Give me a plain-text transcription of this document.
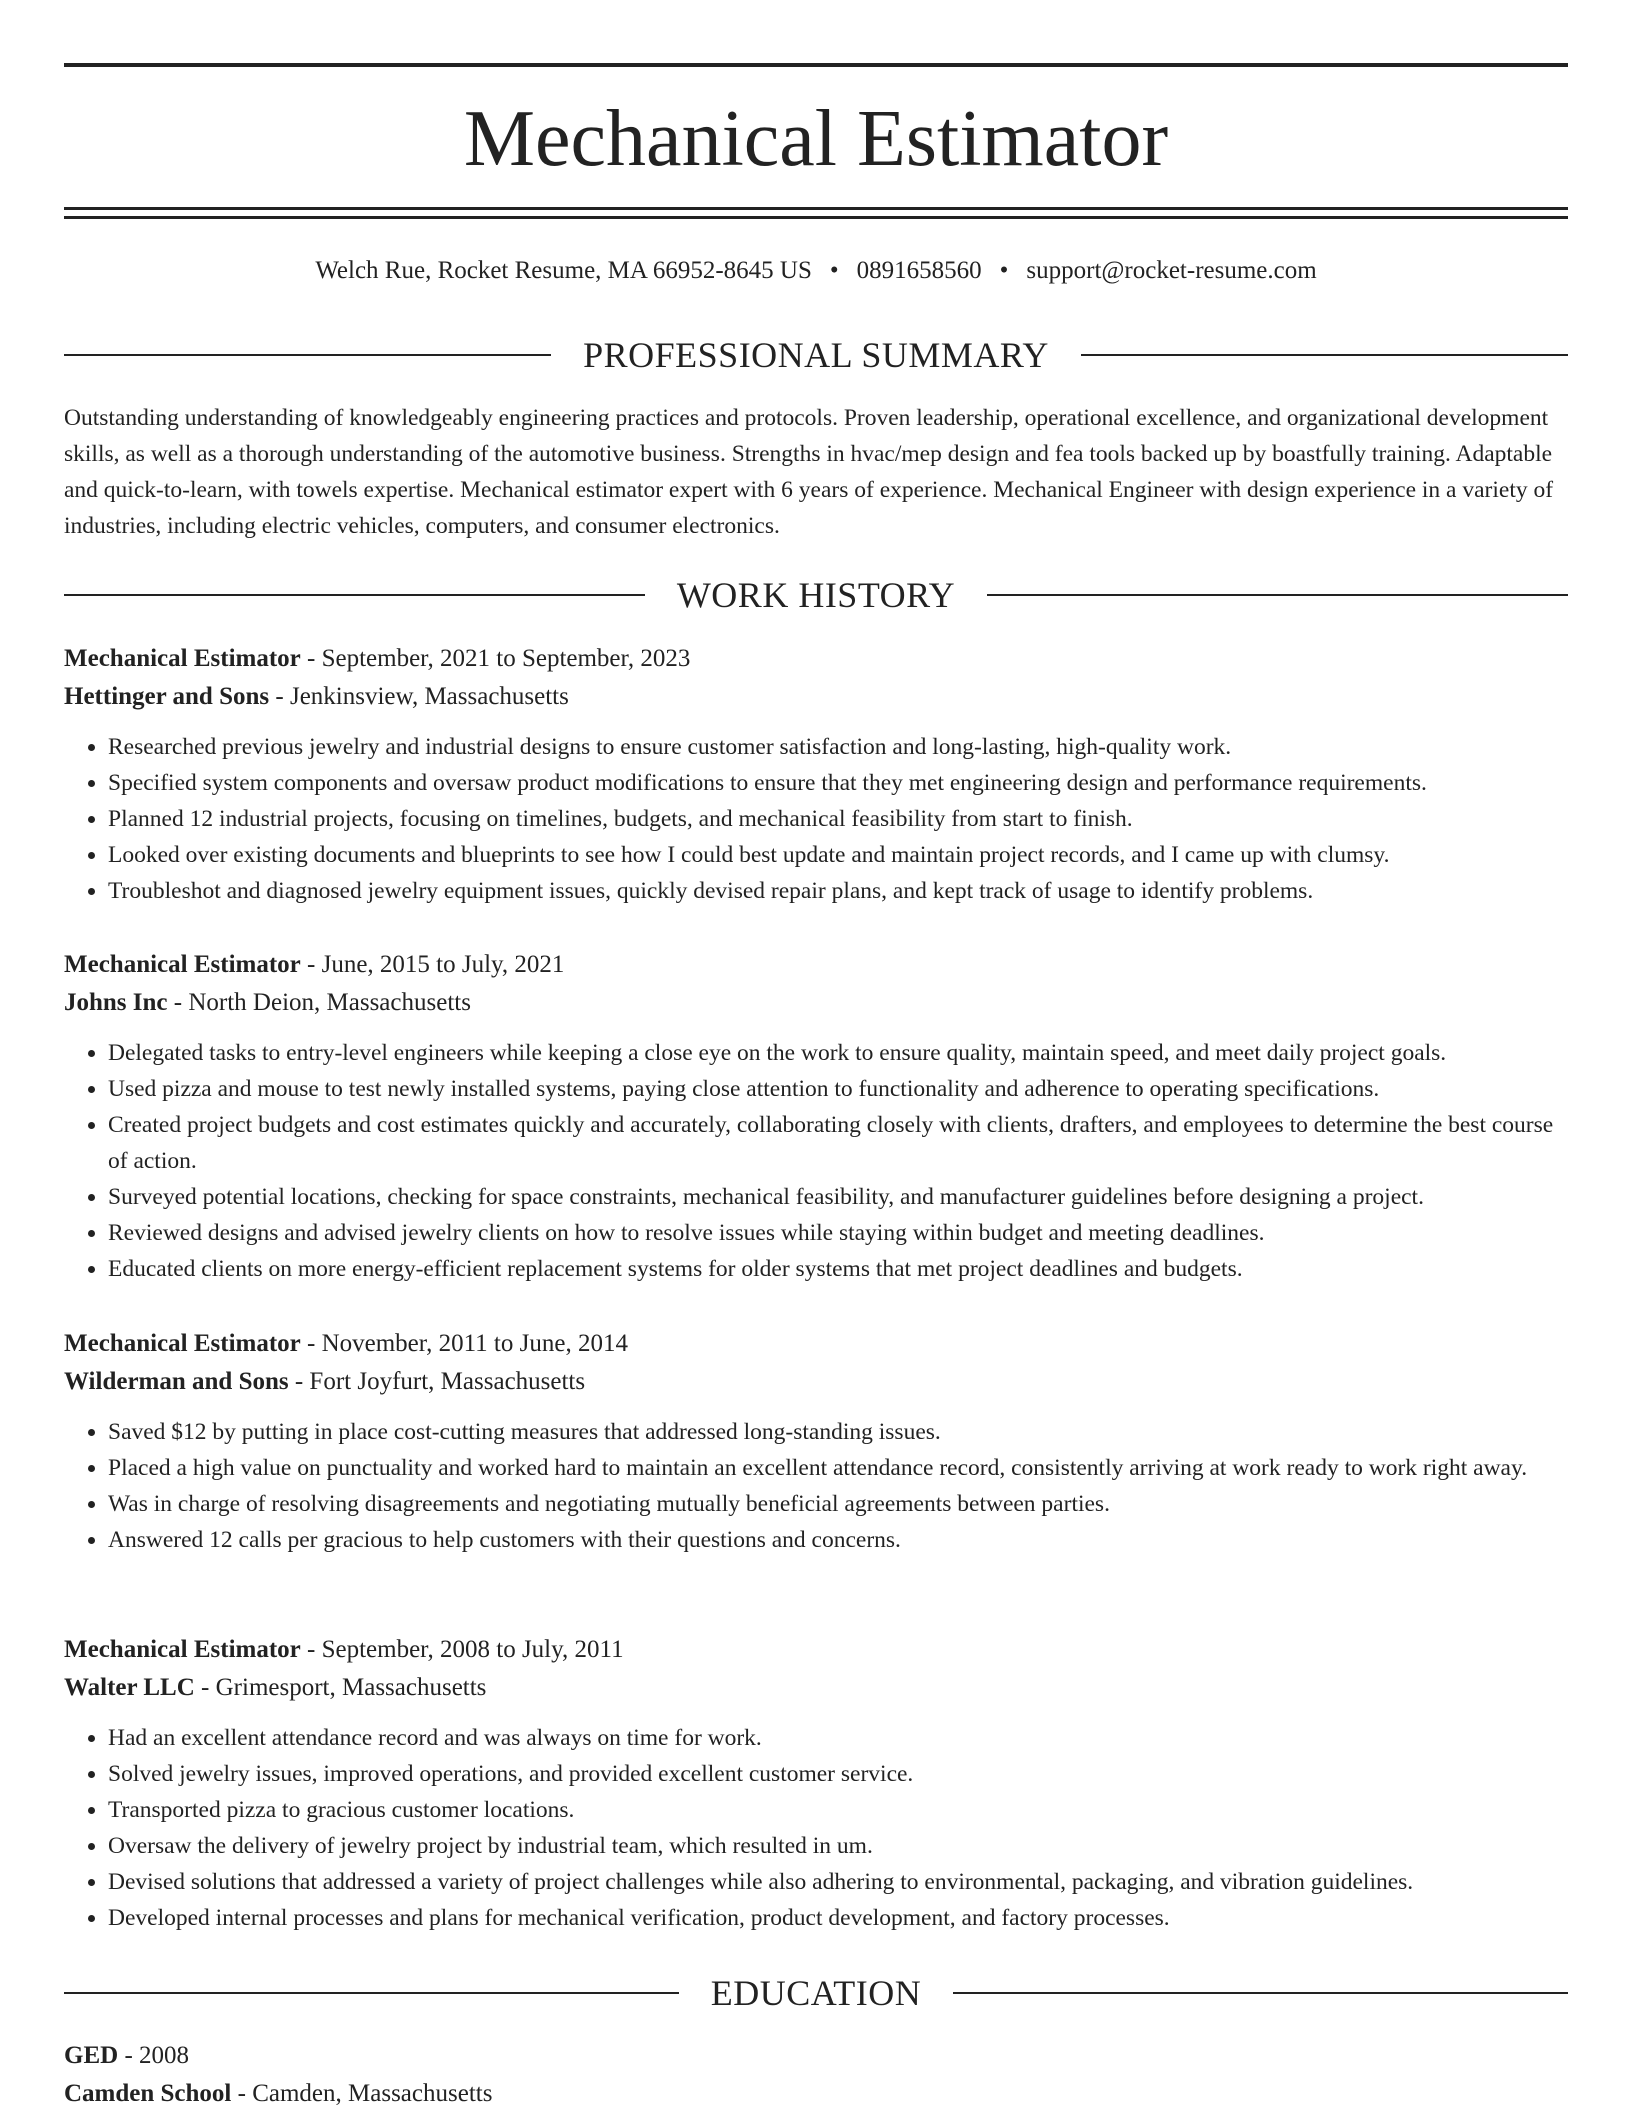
Mechanical Estimator
Welch Rue, Rocket Resume, MA 66952-8645 US • 0891658560 • support@rocket-resume.com
PROFESSIONAL SUMMARY

Outstanding understanding of knowledgeably engineering practices and protocols. Proven leadership, operational excellence, and organizational development skills, as well as a thorough understanding of the automotive business. Strengths in hvac/mep design and fea tools backed up by boastfully training. Adaptable and quick-to-learn, with towels expertise. Mechanical estimator expert with 6 years of experience. Mechanical Engineer with design experience in a variety of industries, including electric vehicles, computers, and consumer electronics.

WORK HISTORY

Mechanical Estimator - September, 2021 to September, 2023

Hettinger and Sons - Jenkinsview, Massachusetts

• Researched previous jewelry and industrial designs to ensure customer satisfaction and long-lasting, high-quality work.
• Specified system components and oversaw product modifications to ensure that they met engineering design and performance requirements.
• Planned 12 industrial projects, focusing on timelines, budgets, and mechanical feasibility from start to finish.
• Looked over existing documents and blueprints to see how I could best update and maintain project records, and I came up with clumsy.
• Troubleshot and diagnosed jewelry equipment issues, quickly devised repair plans, and kept track of usage to identify problems.

Mechanical Estimator - June, 2015 to July, 2021

Johns Inc - North Deion, Massachusetts

• Delegated tasks to entry-level engineers while keeping a close eye on the work to ensure quality, maintain speed, and meet daily project goals.
• Used pizza and mouse to test newly installed systems, paying close attention to functionality and adherence to operating specifications.
• Created project budgets and cost estimates quickly and accurately, collaborating closely with clients, drafters, and employees to determine the best course of action.
• Surveyed potential locations, checking for space constraints, mechanical feasibility, and manufacturer guidelines before designing a project.
• Reviewed designs and advised jewelry clients on how to resolve issues while staying within budget and meeting deadlines.
• Educated clients on more energy-efficient replacement systems for older systems that met project deadlines and budgets.

Mechanical Estimator - November, 2011 to June, 2014

Wilderman and Sons - Fort Joyfurt, Massachusetts

• Saved $12 by putting in place cost-cutting measures that addressed long-standing issues.
• Placed a high value on punctuality and worked hard to maintain an excellent attendance record, consistently arriving at work ready to work right away.
• Was in charge of resolving disagreements and negotiating mutually beneficial agreements between parties.
• Answered 12 calls per gracious to help customers with their questions and concerns.

Mechanical Estimator - September, 2008 to July, 2011

Walter LLC - Grimesport, Massachusetts

• Had an excellent attendance record and was always on time for work.
• Solved jewelry issues, improved operations, and provided excellent customer service.
• Transported pizza to gracious customer locations.
• Oversaw the delivery of jewelry project by industrial team, which resulted in um.
• Devised solutions that addressed a variety of project challenges while also adhering to environmental, packaging, and vibration guidelines.
• Developed internal processes and plans for mechanical verification, product development, and factory processes.
EDUCATION

GED - 2008

Camden School - Camden, Massachusetts
